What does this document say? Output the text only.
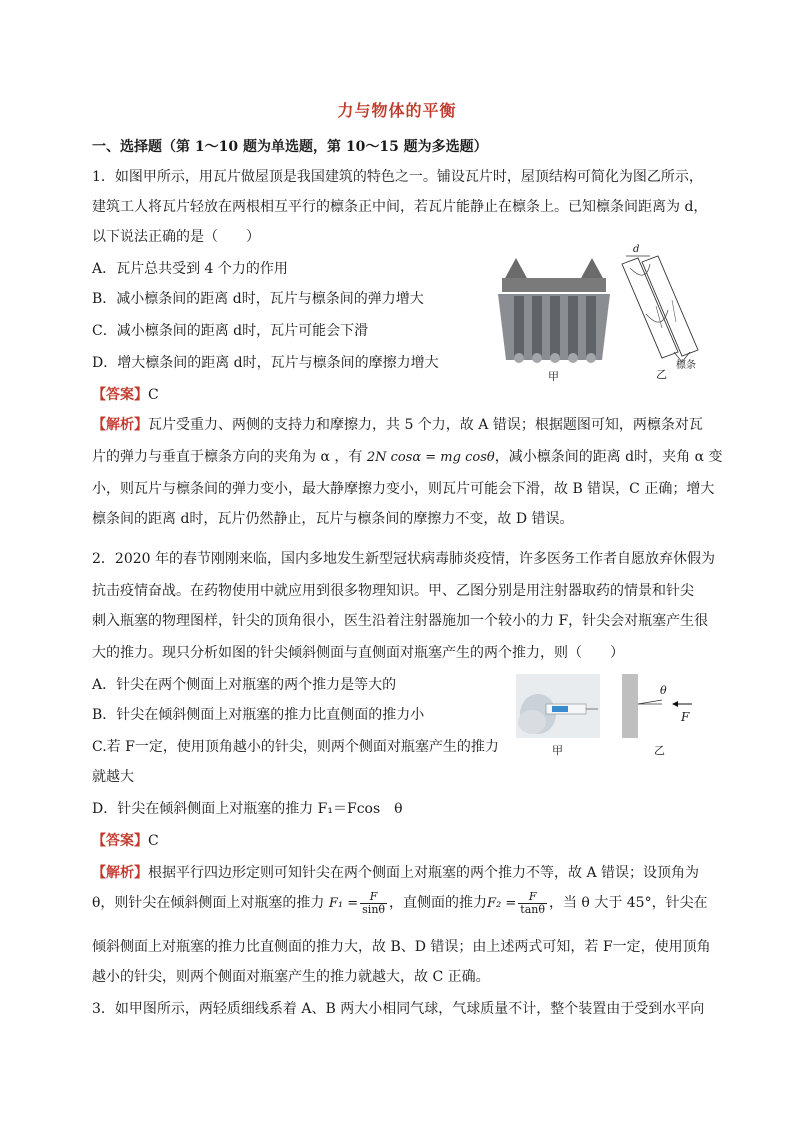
力与物体的平衡
一、选择题（第 1～10 题为单选题，第 10～15 题为多选题）
1．如图甲所示，用瓦片做屋顶是我国建筑的特色之一。铺设瓦片时，屋顶结构可简化为图乙所示，
建筑工人将瓦片轻放在两根相互平行的檩条正中间，若瓦片能静止在檩条上。已知檩条间距离为 d，
以下说法正确的是（　　）
A．瓦片总共受到 4 个力的作用
B．减小檩条间的距离 d时，瓦片与檩条间的弹力增大
C．减小檩条间的距离 d时，瓦片可能会下滑
D．增大檩条间的距离 d时，瓦片与檩条间的摩擦力增大
甲
d
檩条
乙
【答案】C
【解析】瓦片受重力、两侧的支持力和摩擦力，共 5 个力，故 A 错误；根据题图可知，两檩条对瓦
片的弹力与垂直于檩条方向的夹角为 α ，有 2N cosα = mg cosθ，减小檩条间的距离 d时，夹角 α 变
小，则瓦片与檩条间的弹力变小，最大静摩擦力变小，则瓦片可能会下滑，故 B 错误，C 正确；增大
檩条间的距离 d时，瓦片仍然静止，瓦片与檩条间的摩擦力不变，故 D 错误。
2．2020 年的春节刚刚来临，国内多地发生新型冠状病毒肺炎疫情，许多医务工作者自愿放弃休假为
抗击疫情奋战。在药物使用中就应用到很多物理知识。甲、乙图分别是用注射器取药的情景和针尖
刺入瓶塞的物理图样，针尖的顶角很小，医生沿着注射器施加一个较小的力 F，针尖会对瓶塞产生很
大的推力。现只分析如图的针尖倾斜侧面与直侧面对瓶塞产生的两个推力，则（　　）
A．针尖在两个侧面上对瓶塞的两个推力是等大的
B．针尖在倾斜侧面上对瓶塞的推力比直侧面的推力小
C.若 F一定，使用顶角越小的针尖，则两个侧面对瓶塞产生的推力
就越大
D．针尖在倾斜侧面上对瓶塞的推力 F₁＝Fcos　θ
甲
θ
F
乙
【答案】C
【解析】根据平行四边形定则可知针尖在两个侧面上对瓶塞的两个推力不等，故 A 错误；设顶角为
θ，则针尖在倾斜侧面上对瓶塞的推力 $F_1 = \frac{F}{\sin\theta}$ ，直侧面的推力$F_2 = \frac{F}{\tan\theta}$ ，当 θ 大于 45°，针尖在
倾斜侧面上对瓶塞的推力比直侧面的推力大，故 B、D 错误；由上述两式可知，若 F一定，使用顶角
越小的针尖，则两个侧面对瓶塞产生的推力就越大，故 C 正确。
3．如甲图所示，两轻质细线系着 A、B 两大小相同气球，气球质量不计，整个装置由于受到水平向
